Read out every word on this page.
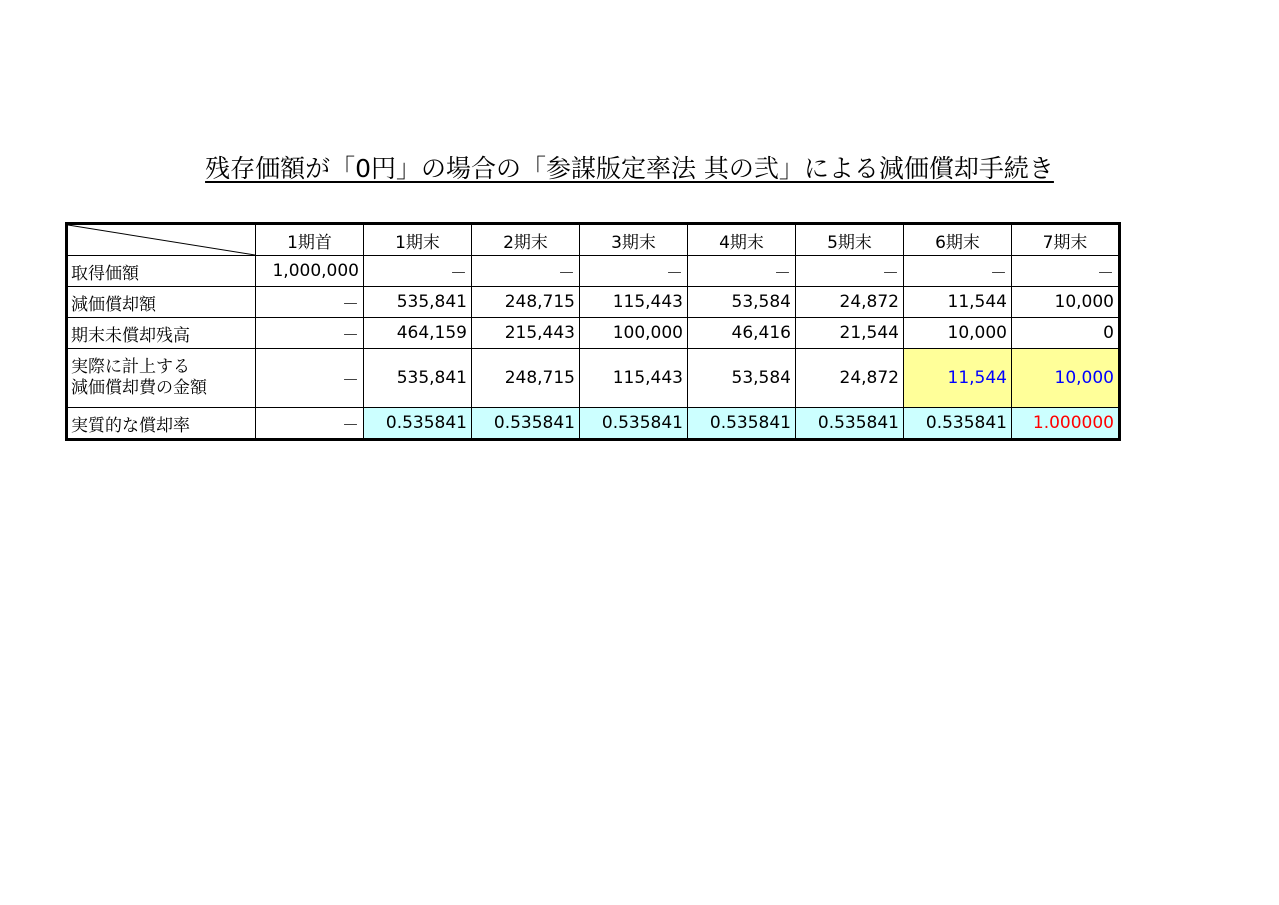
残存価額が「0円」の場合の「参謀版定率法 其の弐」による減価償却手続き
	1期首	1期末	2期末	3期末	4期末	5期末	6期末	7期末
取得価額	1,000,000	－	－	－	－	－	－	－
減価償却額	－	535,841	248,715	115,443	53,584	24,872	11,544	10,000
期末未償却残高	－	464,159	215,443	100,000	46,416	21,544	10,000	0

実際に計上する
減価償却費の金額	－	535,841	248,715	115,443	53,584	24,872	11,544	10,000
実質的な償却率	－	0.535841	0.535841	0.535841	0.535841	0.535841	0.535841	1.000000
